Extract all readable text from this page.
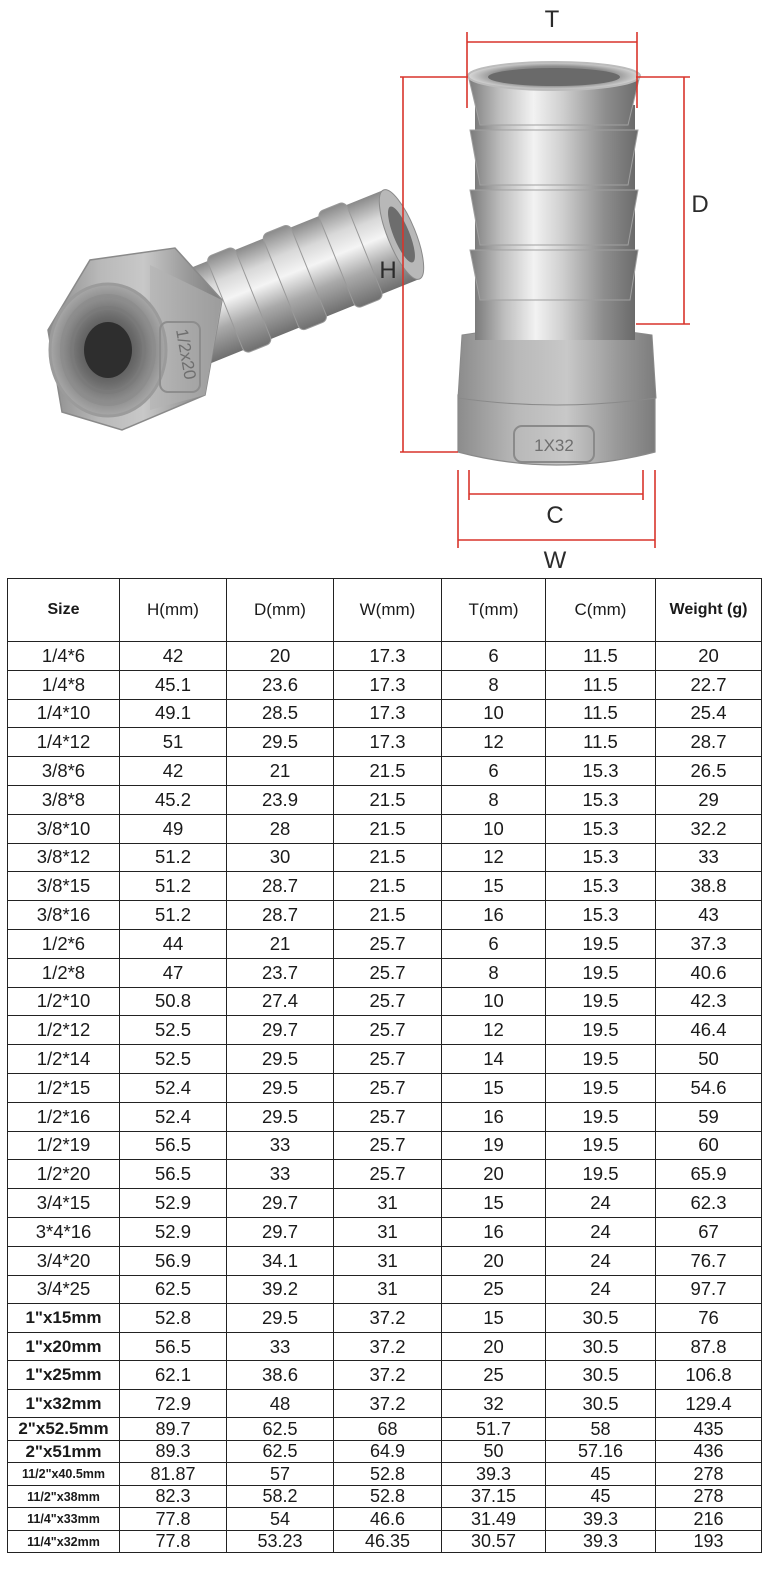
1/2x20
1X32
T
D
H
C
W
Size	H(mm)	D(mm)	W(mm)	T(mm)	C(mm)	Weight (g)
1/4*6	42	20	17.3	6	11.5	20
1/4*8	45.1	23.6	17.3	8	11.5	22.7
1/4*10	49.1	28.5	17.3	10	11.5	25.4
1/4*12	51	29.5	17.3	12	11.5	28.7
3/8*6	42	21	21.5	6	15.3	26.5
3/8*8	45.2	23.9	21.5	8	15.3	29
3/8*10	49	28	21.5	10	15.3	32.2
3/8*12	51.2	30	21.5	12	15.3	33
3/8*15	51.2	28.7	21.5	15	15.3	38.8
3/8*16	51.2	28.7	21.5	16	15.3	43
1/2*6	44	21	25.7	6	19.5	37.3
1/2*8	47	23.7	25.7	8	19.5	40.6
1/2*10	50.8	27.4	25.7	10	19.5	42.3
1/2*12	52.5	29.7	25.7	12	19.5	46.4
1/2*14	52.5	29.5	25.7	14	19.5	50
1/2*15	52.4	29.5	25.7	15	19.5	54.6
1/2*16	52.4	29.5	25.7	16	19.5	59
1/2*19	56.5	33	25.7	19	19.5	60
1/2*20	56.5	33	25.7	20	19.5	65.9
3/4*15	52.9	29.7	31	15	24	62.3
3*4*16	52.9	29.7	31	16	24	67
3/4*20	56.9	34.1	31	20	24	76.7
3/4*25	62.5	39.2	31	25	24	97.7
1"x15mm	52.8	29.5	37.2	15	30.5	76
1"x20mm	56.5	33	37.2	20	30.5	87.8
1"x25mm	62.1	38.6	37.2	25	30.5	106.8
1"x32mm	72.9	48	37.2	32	30.5	129.4
2"x52.5mm	89.7	62.5	68	51.7	58	435
2"x51mm	89.3	62.5	64.9	50	57.16	436
11/2"x40.5mm	81.87	57	52.8	39.3	45	278
11/2"x38mm	82.3	58.2	52.8	37.15	45	278
11/4"x33mm	77.8	54	46.6	31.49	39.3	216
11/4"x32mm	77.8	53.23	46.35	30.57	39.3	193
